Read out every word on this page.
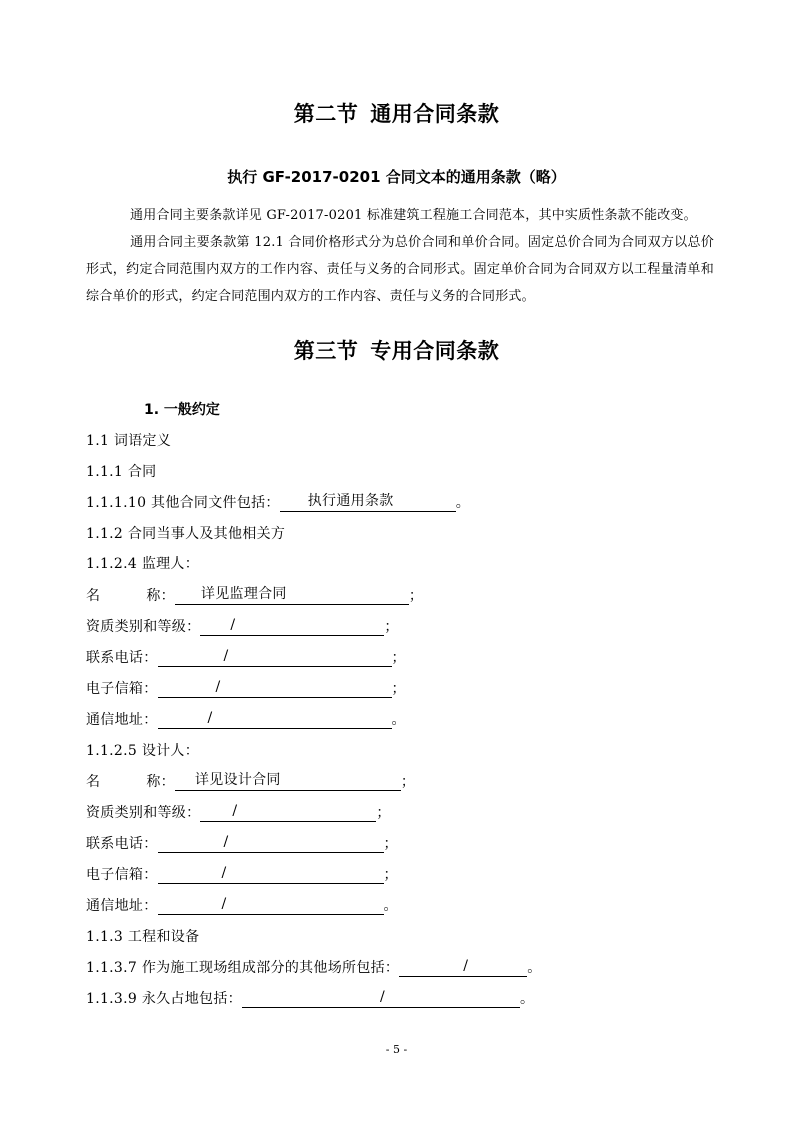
第二节 通用合同条款
执行 GF-2017-0201 合同文本的通用条款（略）
通用合同主要条款详见 GF-2017-0201 标准建筑工程施工合同范本，其中实质性条款不能改变。
通用合同主要条款第 12.1 合同价格形式分为总价合同和单价合同。固定总价合同为合同双方以总价形式，约定合同范围内双方的工作内容、责任与义务的合同形式。固定单价合同为合同双方以工程量清单和综合单价的形式，约定合同范围内双方的工作内容、责任与义务的合同形式。
第三节 专用合同条款
1. 一般约定
1.1 词语定义
1.1.1 合同
1.1.1.10 其他合同文件包括： 执行通用条款	。
1.1.2 合同当事人及其他相关方
1.1.2.4 监理人：
名	称： 详见监理合同	；
资质类别和等级： /	；
联系电话：	/	；
电子信箱：	/	；
通信地址：	/	。
1.1.2.5 设计人：
名	称： 详见设计合同	；
资质类别和等级： /	；
联系电话：	/	；
电子信箱：	/	；
通信地址：	/	。
1.1.3 工程和设备
1.1.3.7 作为施工现场组成部分的其他场所包括：	/	。
1.1.3.9 永久占地包括：	/	。
- 5 -
